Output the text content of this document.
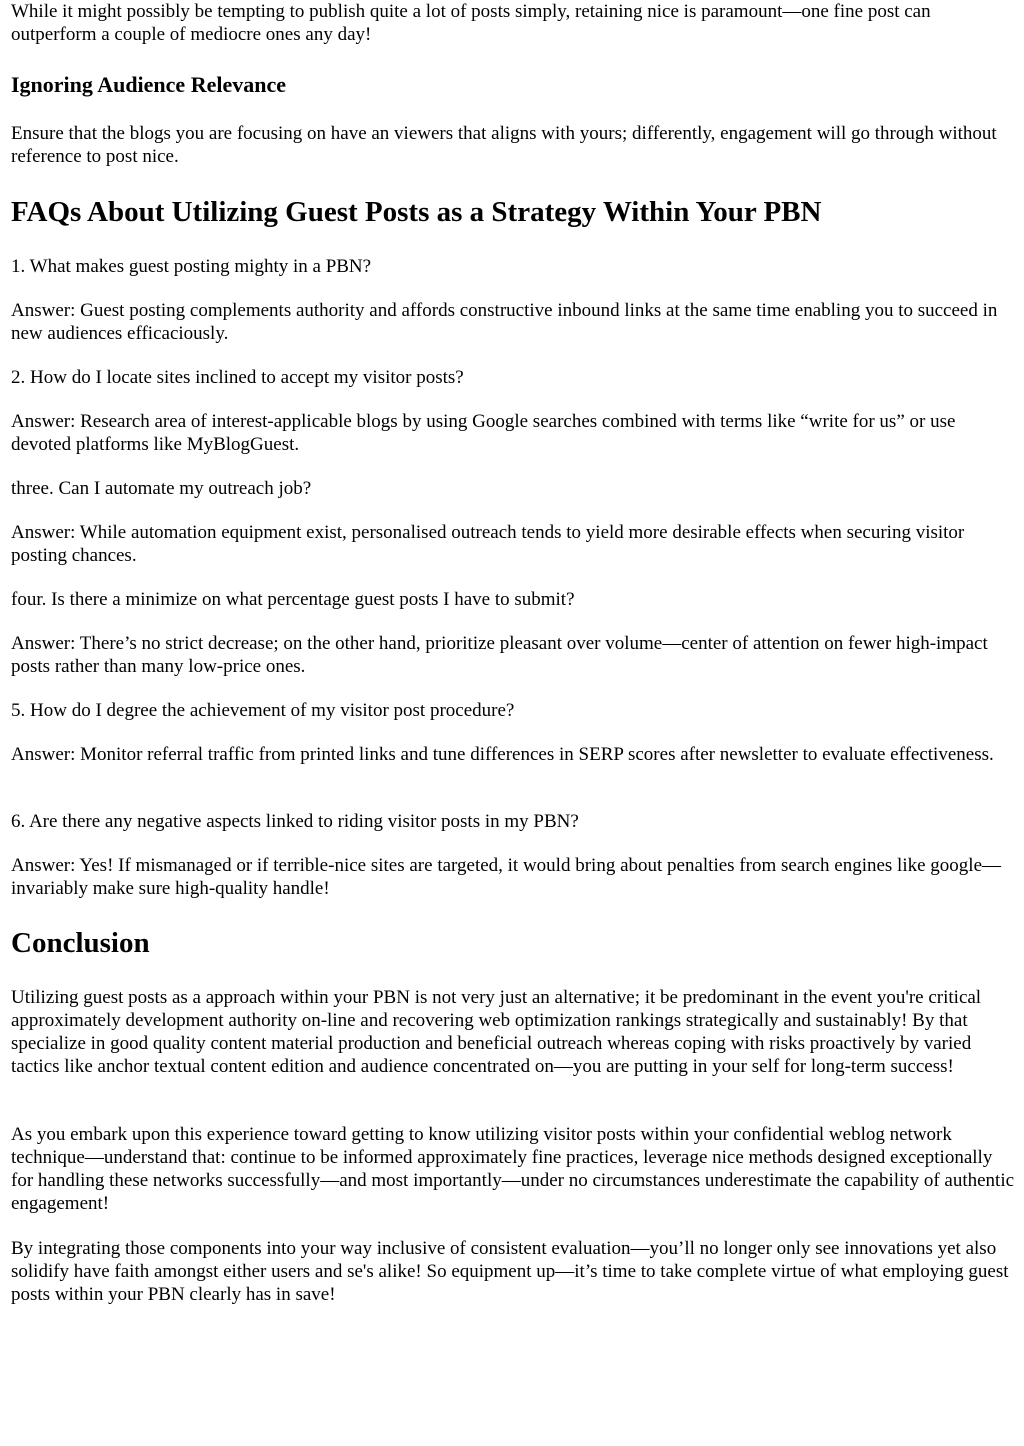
While it might possibly be tempting to publish quite a lot of posts simply, retaining nice is paramount—one fine post can outperform a couple of mediocre ones any day!

Ignoring Audience Relevance

Ensure that the blogs you are focusing on have an viewers that aligns with yours; differently, engagement will go through without reference to post nice.

FAQs About Utilizing Guest Posts as a Strategy Within Your PBN

1. What makes guest posting mighty in a PBN?

Answer: Guest posting complements authority and affords constructive inbound links at the same time enabling you to succeed in new audiences efficaciously.

2. How do I locate sites inclined to accept my visitor posts?

Answer: Research area of interest-applicable blogs by using Google searches combined with terms like “write for us” or use devoted platforms like MyBlogGuest.

three. Can I automate my outreach job?

Answer: While automation equipment exist, personalised outreach tends to yield more desirable effects when securing visitor posting chances.

four. Is there a minimize on what percentage guest posts I have to submit?

Answer: There’s no strict decrease; on the other hand, prioritize pleasant over volume—center of attention on fewer high-impact posts rather than many low-price ones.

5. How do I degree the achievement of my visitor post procedure?

Answer: Monitor referral traffic from printed links and tune differences in SERP scores after newsletter to evaluate effectiveness.

6. Are there any negative aspects linked to riding visitor posts in my PBN?

Answer: Yes! If mismanaged or if terrible-nice sites are targeted, it would bring about penalties from search engines like google—invariably make sure high-quality handle!

Conclusion

Utilizing guest posts as a approach within your PBN is not very just an alternative; it be predominant in the event you're critical approximately development authority on-line and recovering web optimization rankings strategically and sustainably! By that specialize in good quality content material production and beneficial outreach whereas coping with risks proactively by varied tactics like anchor textual content edition and audience concentrated on—you are putting in your self for long-term success!

As you embark upon this experience toward getting to know utilizing visitor posts within your confidential weblog network technique—understand that: continue to be informed approximately fine practices, leverage nice methods designed exceptionally for handling these networks successfully—and most importantly—under no circumstances underestimate the capability of authentic engagement!

By integrating those components into your way inclusive of consistent evaluation—you’ll no longer only see innovations yet also solidify have faith amongst either users and se's alike! So equipment up—it’s time to take complete virtue of what employing guest posts within your PBN clearly has in save!
